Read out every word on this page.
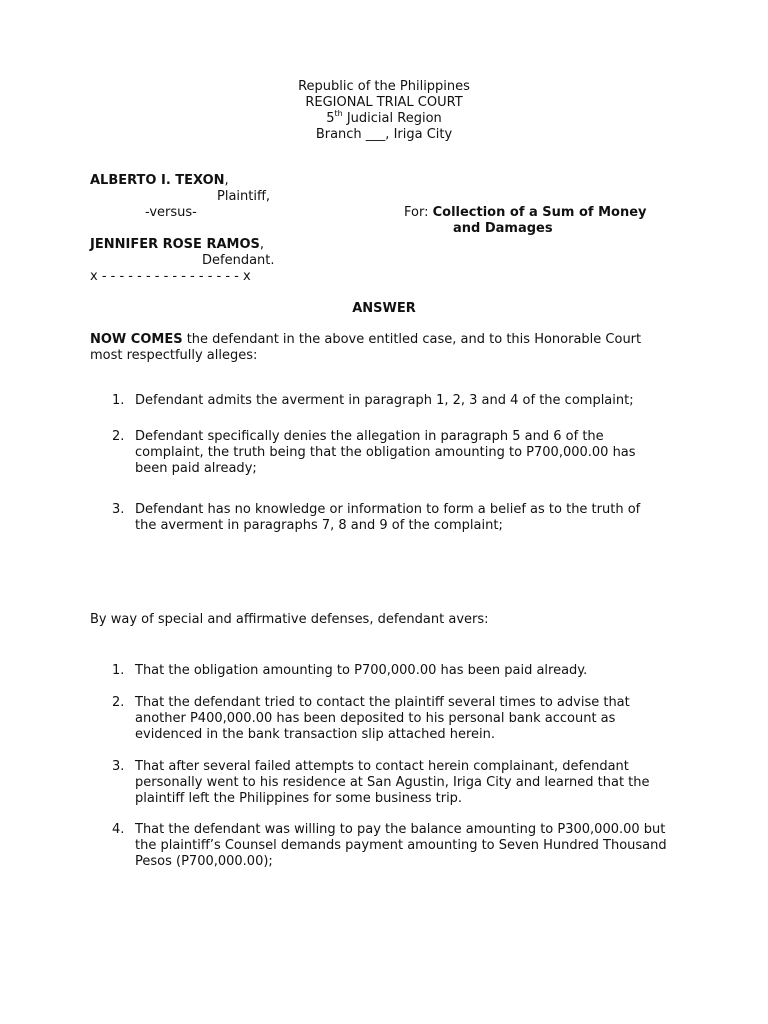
Republic of the Philippines
REGIONAL TRIAL COURT
5th Judicial Region
Branch ___, Iriga City
ALBERTO I. TEXON,
Plaintiff,
-versus-	For: Collection of a Sum of Money
and Damages
JENNIFER ROSE RAMOS,
Defendant.
x - - - - - - - - - - - - - - - - x
ANSWER
NOW COMES the defendant in the above entitled case, and to this Honorable Court
most respectfully alleges:
1. Defendant admits the averment in paragraph 1, 2, 3 and 4 of the complaint;
2. Defendant specifically denies the allegation in paragraph 5 and 6 of the
complaint, the truth being that the obligation amounting to P700,000.00 has
been paid already;
3. Defendant has no knowledge or information to form a belief as to the truth of
the averment in paragraphs 7, 8 and 9 of the complaint;
By way of special and affirmative defenses, defendant avers:
1. That the obligation amounting to P700,000.00 has been paid already.
2. That the defendant tried to contact the plaintiff several times to advise that
another P400,000.00 has been deposited to his personal bank account as
evidenced in the bank transaction slip attached herein.
3. That after several failed attempts to contact herein complainant, defendant
personally went to his residence at San Agustin, Iriga City and learned that the
plaintiff left the Philippines for some business trip.
4. That the defendant was willing to pay the balance amounting to P300,000.00 but
the plaintiff’s Counsel demands payment amounting to Seven Hundred Thousand
Pesos (P700,000.00);
